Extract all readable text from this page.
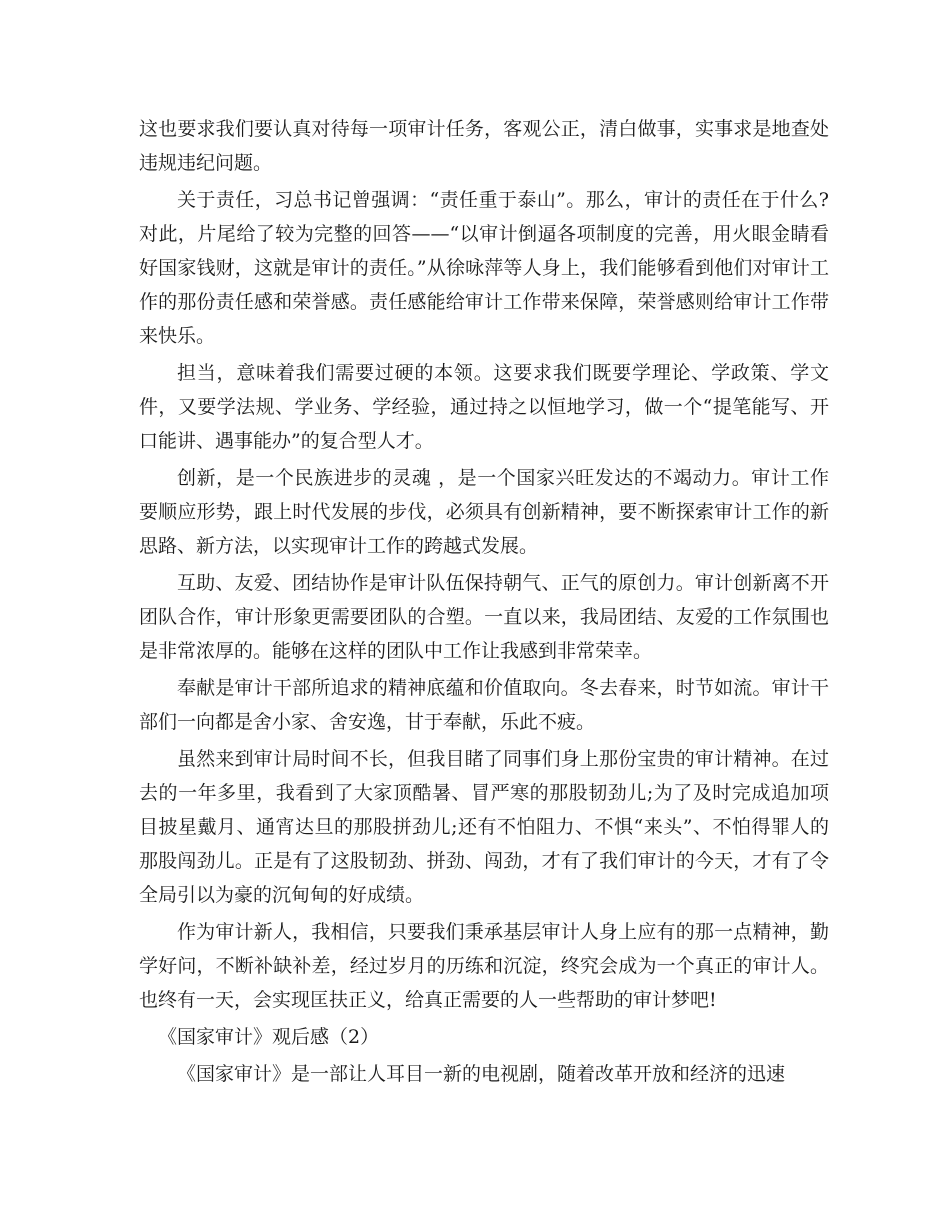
这也要求我们要认真对待每一项审计任务，客观公正，清白做事，实事求是地查处违规违纪问题。

关于责任，习总书记曾强调：“责任重于泰山”。那么，审计的责任在于什么?对此，片尾给了较为完整的回答——“以审计倒逼各项制度的完善，用火眼金睛看好国家钱财，这就是审计的责任。”从徐咏萍等人身上，我们能够看到他们对审计工作的那份责任感和荣誉感。责任感能给审计工作带来保障，荣誉感则给审计工作带来快乐。

担当，意味着我们需要过硬的本领。这要求我们既要学理论、学政策、学文件，又要学法规、学业务、学经验，通过持之以恒地学习，做一个“提笔能写、开口能讲、遇事能办”的复合型人才。

创新，是一个民族进步的灵魂 ，是一个国家兴旺发达的不竭动力。审计工作要顺应形势，跟上时代发展的步伐，必须具有创新精神，要不断探索审计工作的新思路、新方法，以实现审计工作的跨越式发展。

互助、友爱、团结协作是审计队伍保持朝气、正气的原创力。审计创新离不开团队合作，审计形象更需要团队的合塑。一直以来，我局团结、友爱的工作氛围也是非常浓厚的。能够在这样的团队中工作让我感到非常荣幸。

奉献是审计干部所追求的精神底蕴和价值取向。冬去春来，时节如流。审计干部们一向都是舍小家、舍安逸，甘于奉献，乐此不疲。

虽然来到审计局时间不长，但我目睹了同事们身上那份宝贵的审计精神。在过去的一年多里，我看到了大家顶酷暑、冒严寒的那股韧劲儿;为了及时完成追加项目披星戴月、通宵达旦的那股拼劲儿;还有不怕阻力、不惧“来头”、不怕得罪人的那股闯劲儿。正是有了这股韧劲、拼劲、闯劲，才有了我们审计的今天，才有了令全局引以为豪的沉甸甸的好成绩。

作为审计新人，我相信，只要我们秉承基层审计人身上应有的那一点精神，勤学好问，不断补缺补差，经过岁月的历练和沉淀，终究会成为一个真正的审计人。也终有一天，会实现匡扶正义，给真正需要的人一些帮助的审计梦吧!

《国家审计》观后感（2）

《国家审计》是一部让人耳目一新的电视剧，随着改革开放和经济的迅速
